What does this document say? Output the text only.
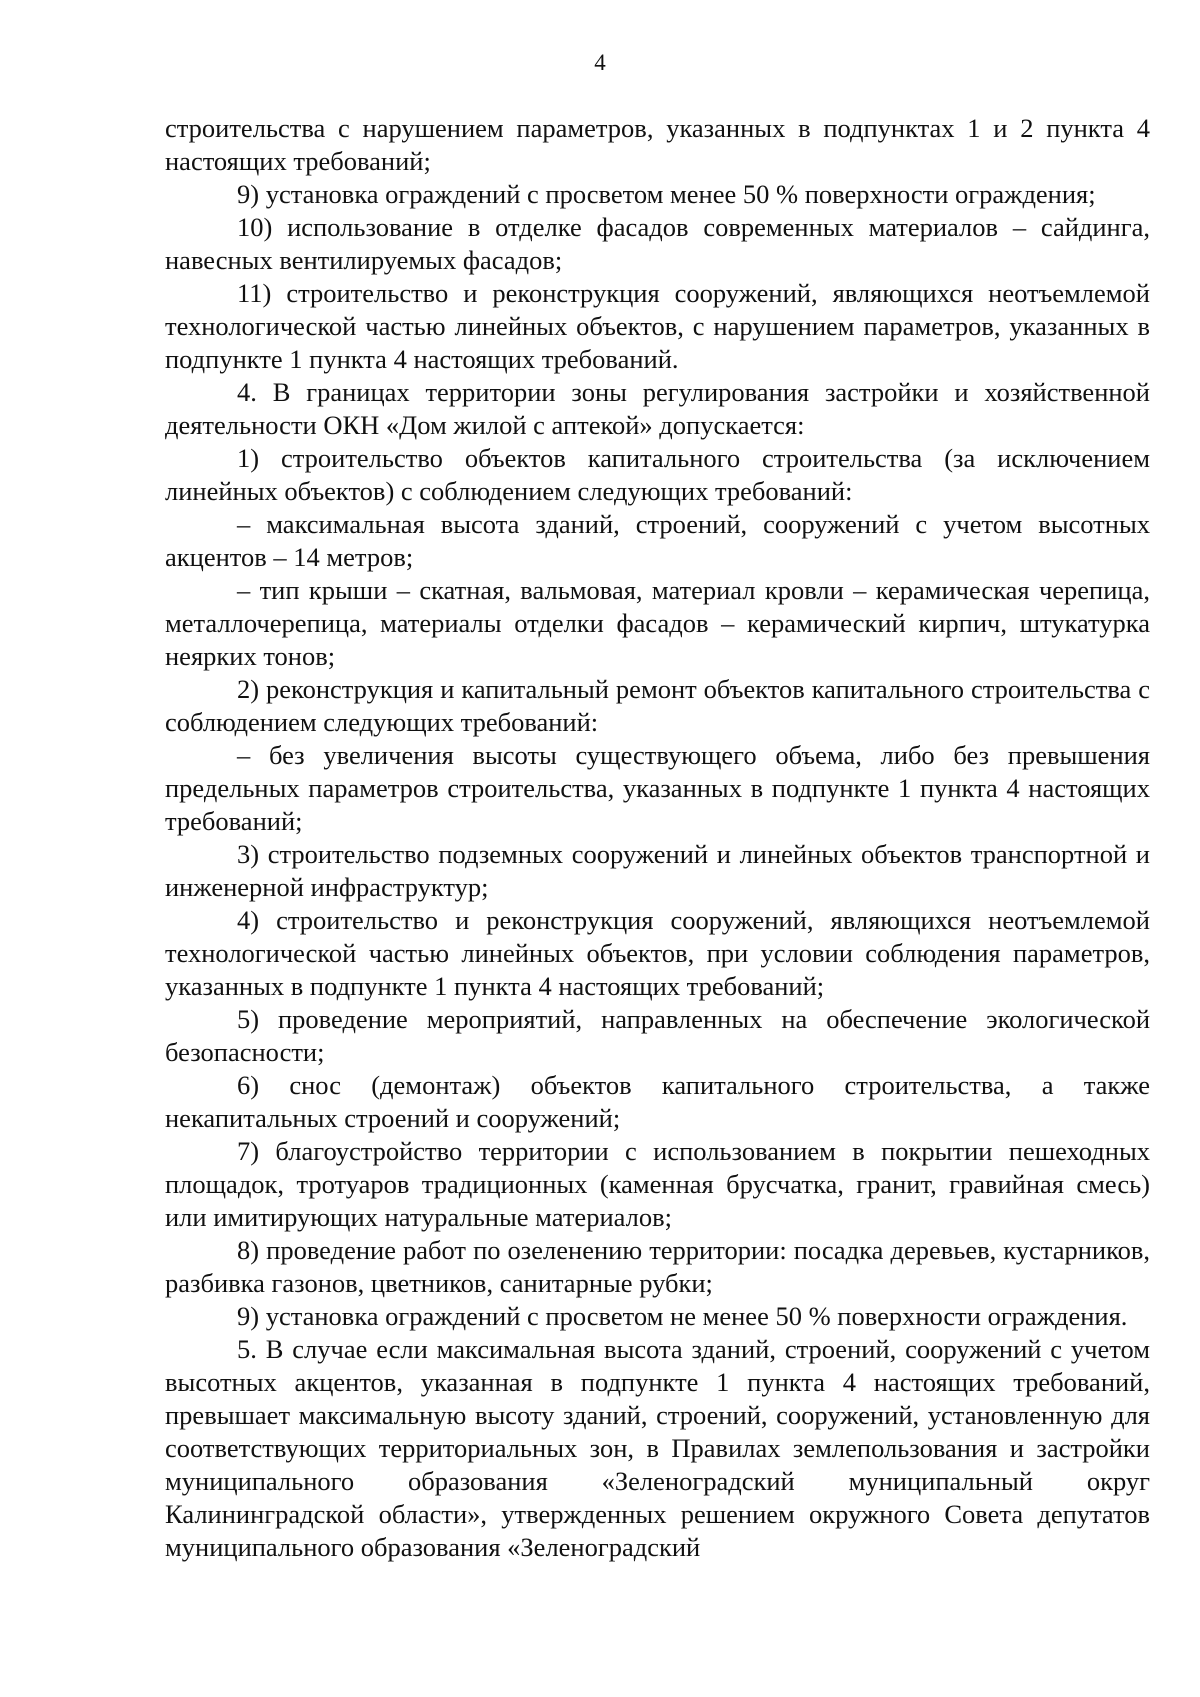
4

строительства с нарушением параметров, указанных в подпунктах 1 и 2 пункта 4 настоящих требований;

9) установка ограждений с просветом менее 50 % поверхности ограждения;

10) использование в отделке фасадов современных материалов – сайдинга, навесных вентилируемых фасадов;

11) строительство и реконструкция сооружений, являющихся неотъемлемой технологической частью линейных объектов, с нарушением параметров, указанных в подпункте 1 пункта 4 настоящих требований.

4. В границах территории зоны регулирования застройки и хозяйственной деятельности ОКН «Дом жилой с аптекой» допускается:

1) строительство объектов капитального строительства (за исключением линейных объектов) с соблюдением следующих требований:

– максимальная высота зданий, строений, сооружений с учетом высотных акцентов – 14 метров;

– тип крыши – скатная, вальмовая, материал кровли – керамическая черепица, металлочерепица, материалы отделки фасадов – керамический кирпич, штукатурка неярких тонов;

2) реконструкция и капитальный ремонт объектов капитального строительства с соблюдением следующих требований:

– без увеличения высоты существующего объема, либо без превышения предельных параметров строительства, указанных в подпункте 1 пункта 4 настоящих требований;

3) строительство подземных сооружений и линейных объектов транспортной и инженерной инфраструктур;

4) строительство и реконструкция сооружений, являющихся неотъемлемой технологической частью линейных объектов, при условии соблюдения параметров, указанных в подпункте 1 пункта 4 настоящих требований;

5) проведение мероприятий, направленных на обеспечение экологической безопасности;

6) снос (демонтаж) объектов капитального строительства, а также некапитальных строений и сооружений;

7) благоустройство территории с использованием в покрытии пешеходных площадок, тротуаров традиционных (каменная брусчатка, гранит, гравийная смесь) или имитирующих натуральные материалов;

8) проведение работ по озеленению территории: посадка деревьев, кустарников, разбивка газонов, цветников, санитарные рубки;

9) установка ограждений с просветом не менее 50 % поверхности ограждения.

5. В случае если максимальная высота зданий, строений, сооружений с учетом высотных акцентов, указанная в подпункте 1 пункта 4 настоящих требований, превышает максимальную высоту зданий, строений, сооружений, установленную для соответствующих территориальных зон, в Правилах землепользования и застройки муниципального образования «Зеленоградский муниципальный округ Калининградской области», утвержденных решением окружного Совета депутатов муниципального образования «Зеленоградский
